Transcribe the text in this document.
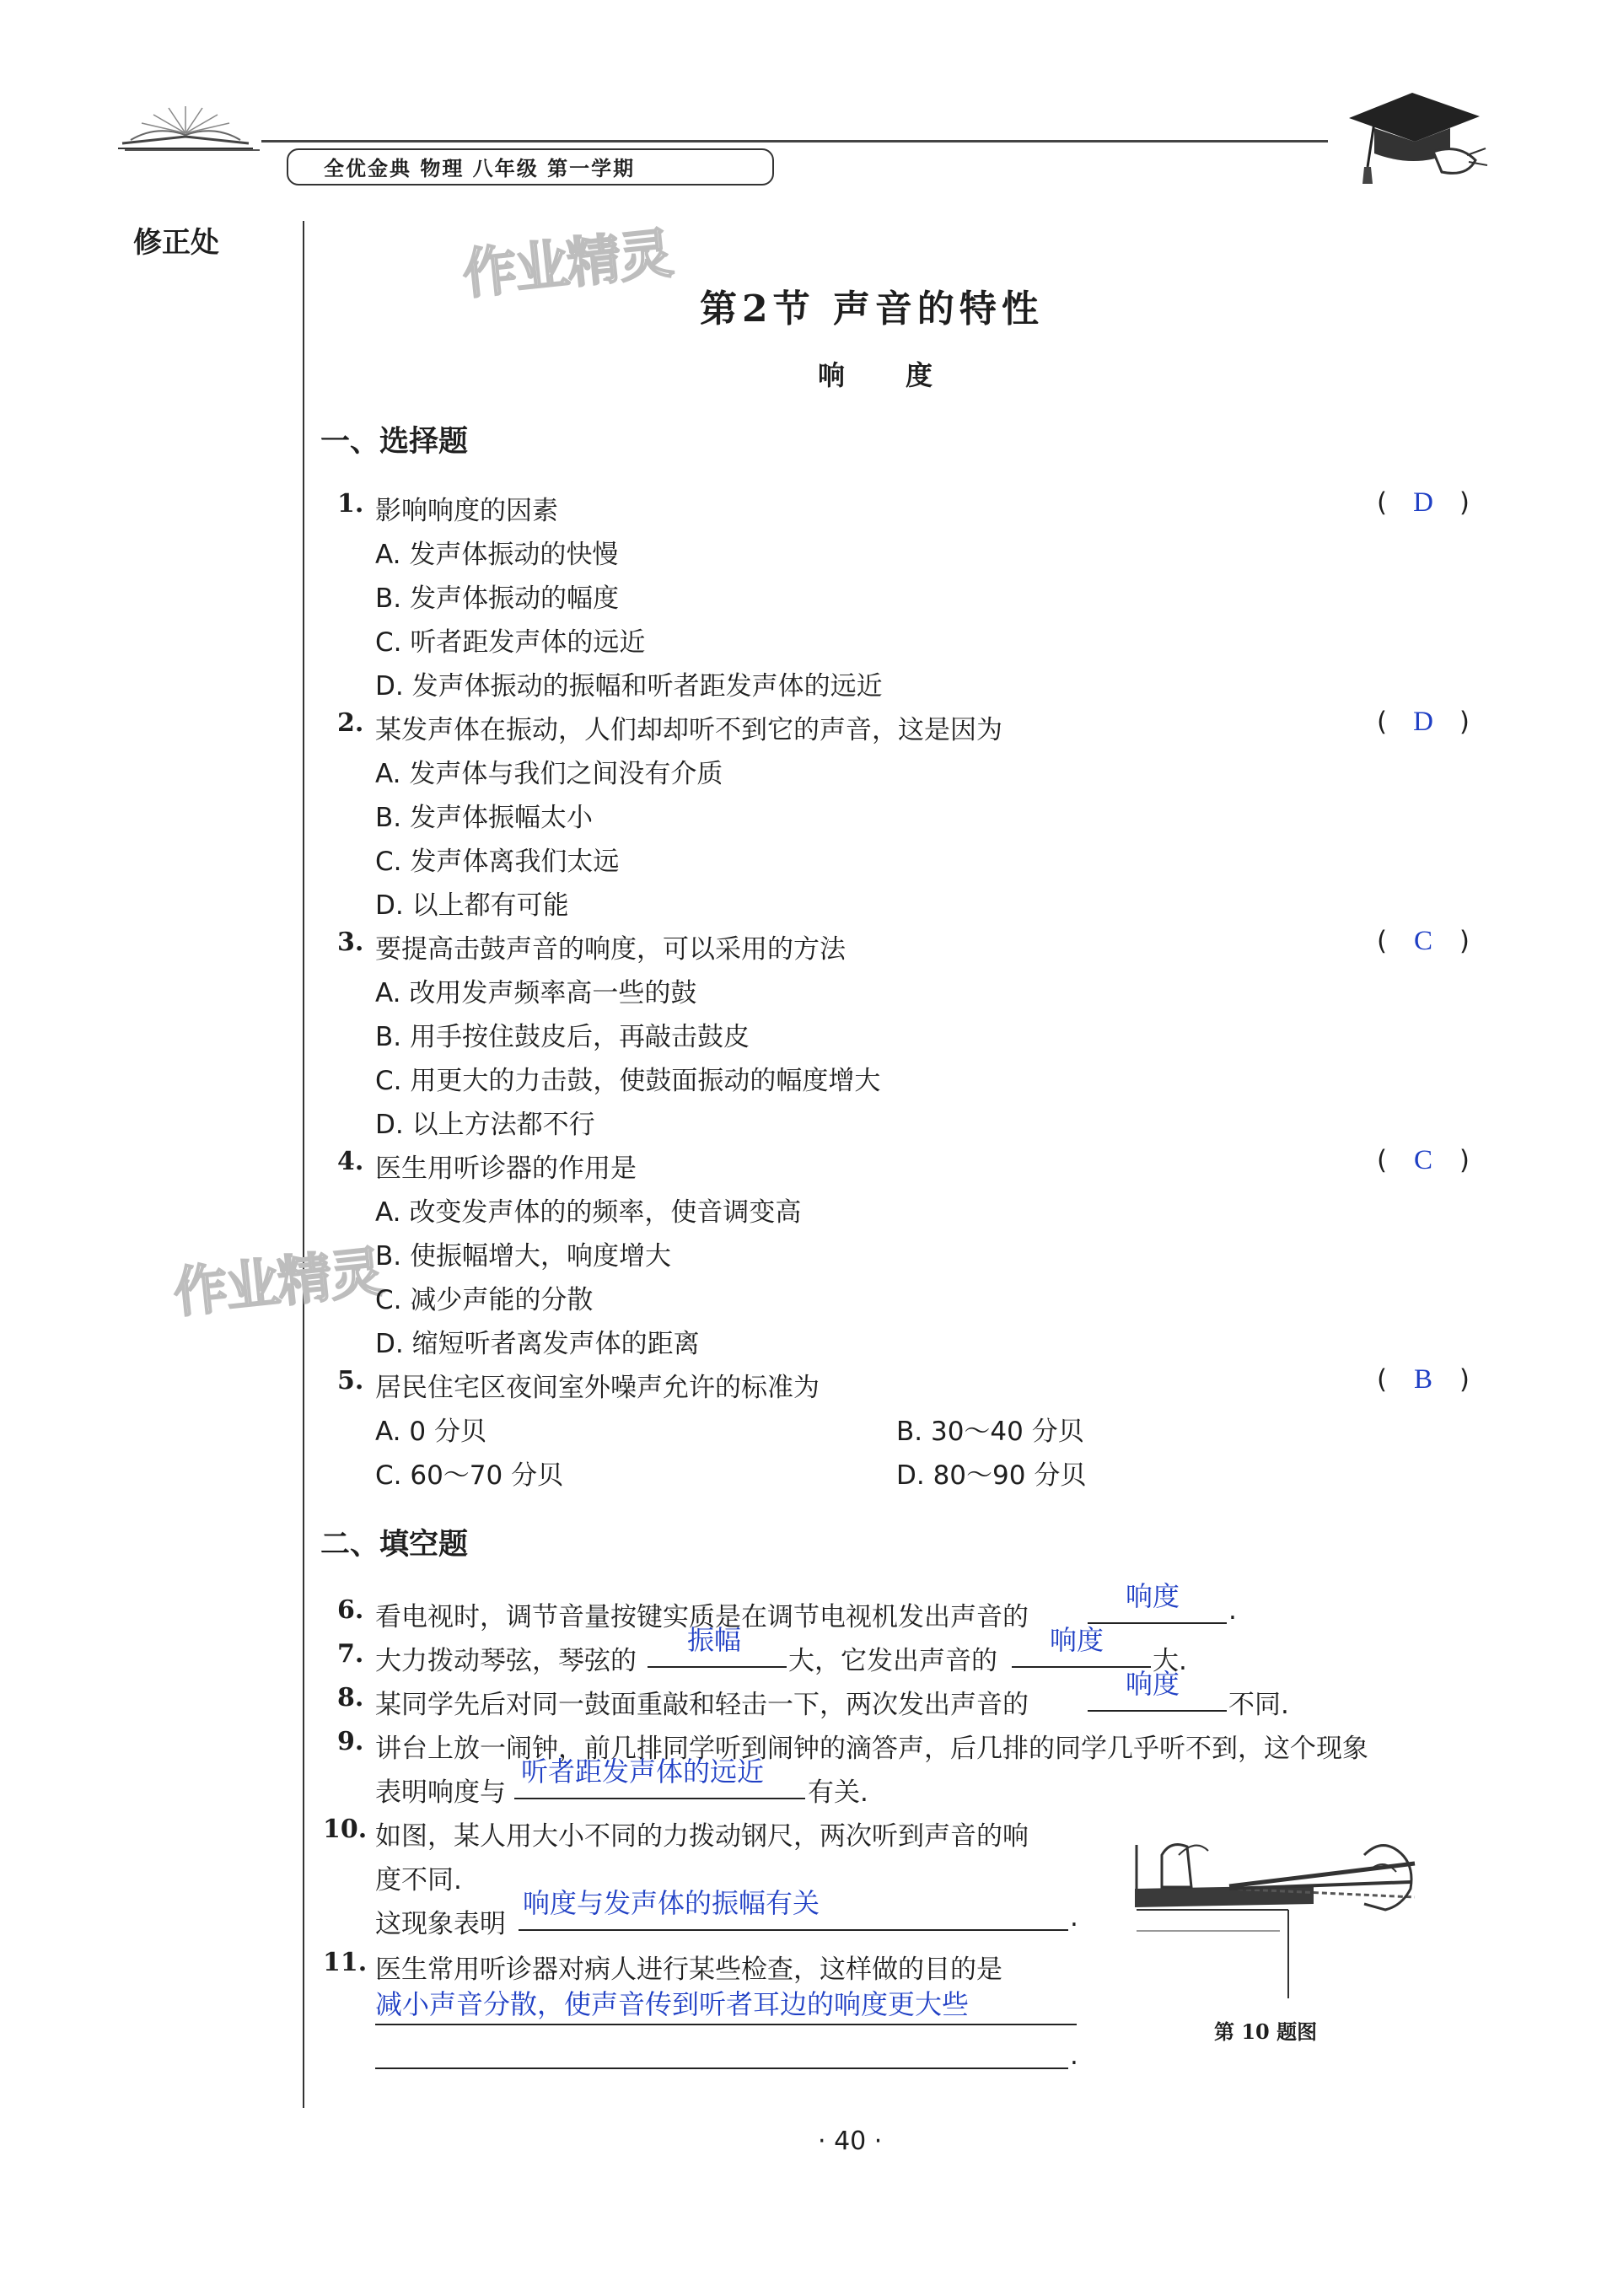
全优金典 物理 八年级 第一学期
修正处	作业精灵
作业精灵
第2节 声音的特性
响度
一、选择题
1. 影响响度的因素	( D )
A. 发声体振动的快慢
B. 发声体振动的幅度
C. 听者距发声体的远近
D. 发声体振动的振幅和听者距发声体的远近
2. 某发声体在振动，人们却却听不到它的声音，这是因为	( D )
A. 发声体与我们之间没有介质
B. 发声体振幅太小
C. 发声体离我们太远
D. 以上都有可能
3. 要提高击鼓声音的响度，可以采用的方法	( C )
A. 改用发声频率高一些的鼓
B. 用手按住鼓皮后，再敲击鼓皮
C. 用更大的力击鼓，使鼓面振动的幅度增大
D. 以上方法都不行
4. 医生用听诊器的作用是	( C )
A. 改变发声体的的频率，使音调变高
B. 使振幅增大，响度增大
C. 减少声能的分散
D. 缩短听者离发声体的距离
5. 居民住宅区夜间室外噪声允许的标准为	( B )
A. 0 分贝	B. 30～40 分贝
C. 60～70 分贝	D. 80～90 分贝
二、填空题
6. 看电视时，调节音量按键实质是在调节电视机发出声音的
响度 .
7. 大力拨动琴弦，琴弦的
振幅
大，它发出声音的
响度
大.
8. 某同学先后对同一鼓面重敲和轻击一下，两次发出声音的
响度
不同.
9. 讲台上放一闹钟，前几排同学听到闹钟的滴答声，后几排的同学几乎听不到，这个现象
表明响度与
听者距发声体的远近
有关.
10. 如图，某人用大小不同的力拨动钢尺，两次听到声音的响
度不同.
这现象表明
响度与发声体的振幅有关	.
11. 医生常用听诊器对病人进行某些检查，这样做的目的是
减小声音分散，使声音传到听者耳边的响度更大些
.
第 10 题图
· 40 ·
